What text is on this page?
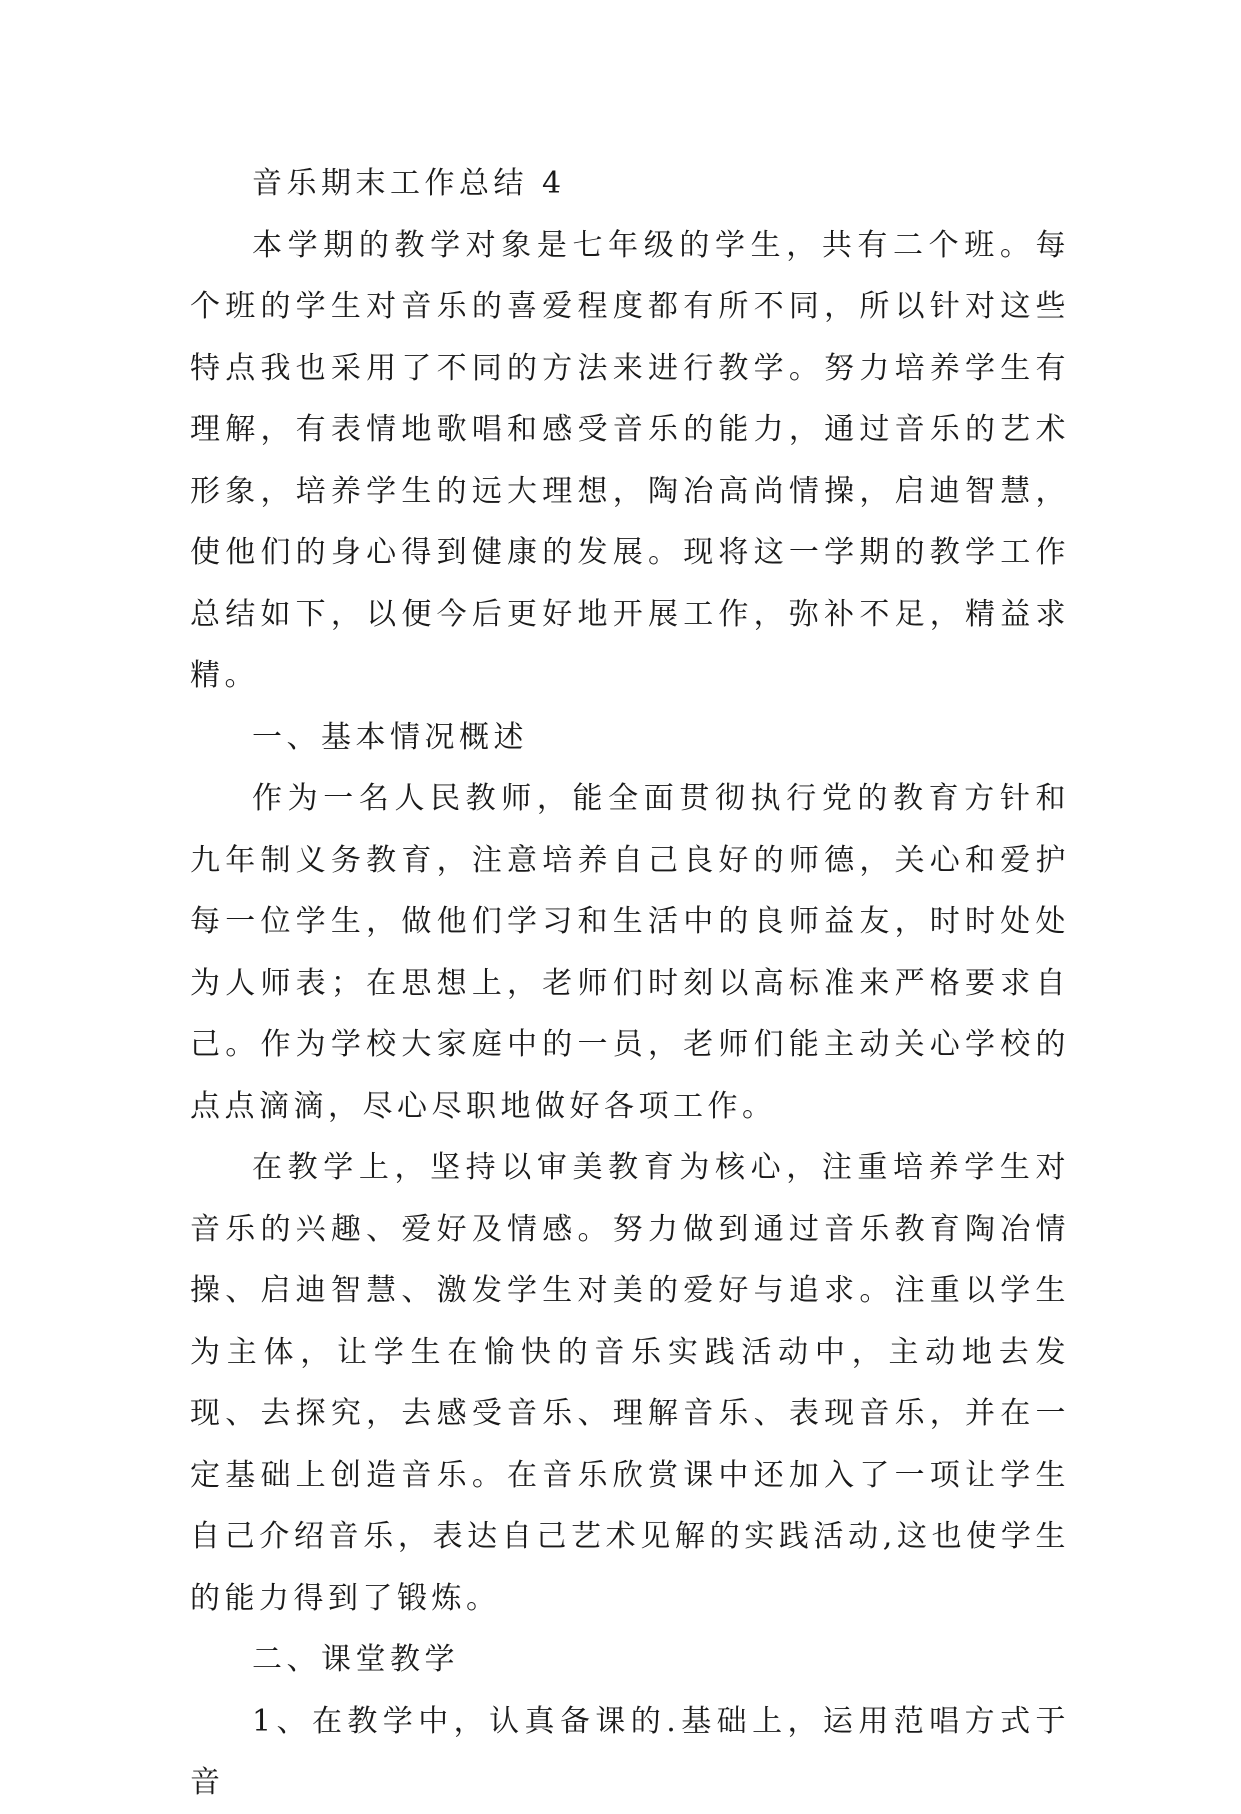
音乐期末工作总结 4

本学期的教学对象是七年级的学生，共有二个班。每个班的学生对音乐的喜爱程度都有所不同，所以针对这些特点我也采用了不同的方法来进行教学。努力培养学生有理解，有表情地歌唱和感受音乐的能力，通过音乐的艺术形象，培养学生的远大理想，陶冶高尚情操，启迪智慧，使他们的身心得到健康的发展。现将这一学期的教学工作总结如下，以便今后更好地开展工作，弥补不足，精益求精。

一、基本情况概述

作为一名人民教师，能全面贯彻执行党的教育方针和九年制义务教育，注意培养自己良好的师德，关心和爱护每一位学生，做他们学习和生活中的良师益友，时时处处为人师表；在思想上，老师们时刻以高标准来严格要求自己。作为学校大家庭中的一员，老师们能主动关心学校的点点滴滴，尽心尽职地做好各项工作。

在教学上，坚持以审美教育为核心，注重培养学生对音乐的兴趣、爱好及情感。努力做到通过音乐教育陶冶情操、启迪智慧、激发学生对美的爱好与追求。注重以学生为主体，让学生在愉快的音乐实践活动中，主动地去发现、去探究，去感受音乐、理解音乐、表现音乐，并在一定基础上创造音乐。在音乐欣赏课中还加入了一项让学生自己介绍音乐，表达自己艺术见解的实践活动,这也使学生的能力得到了锻炼。

二、课堂教学

1、在教学中，认真备课的.基础上，运用范唱方式于音
